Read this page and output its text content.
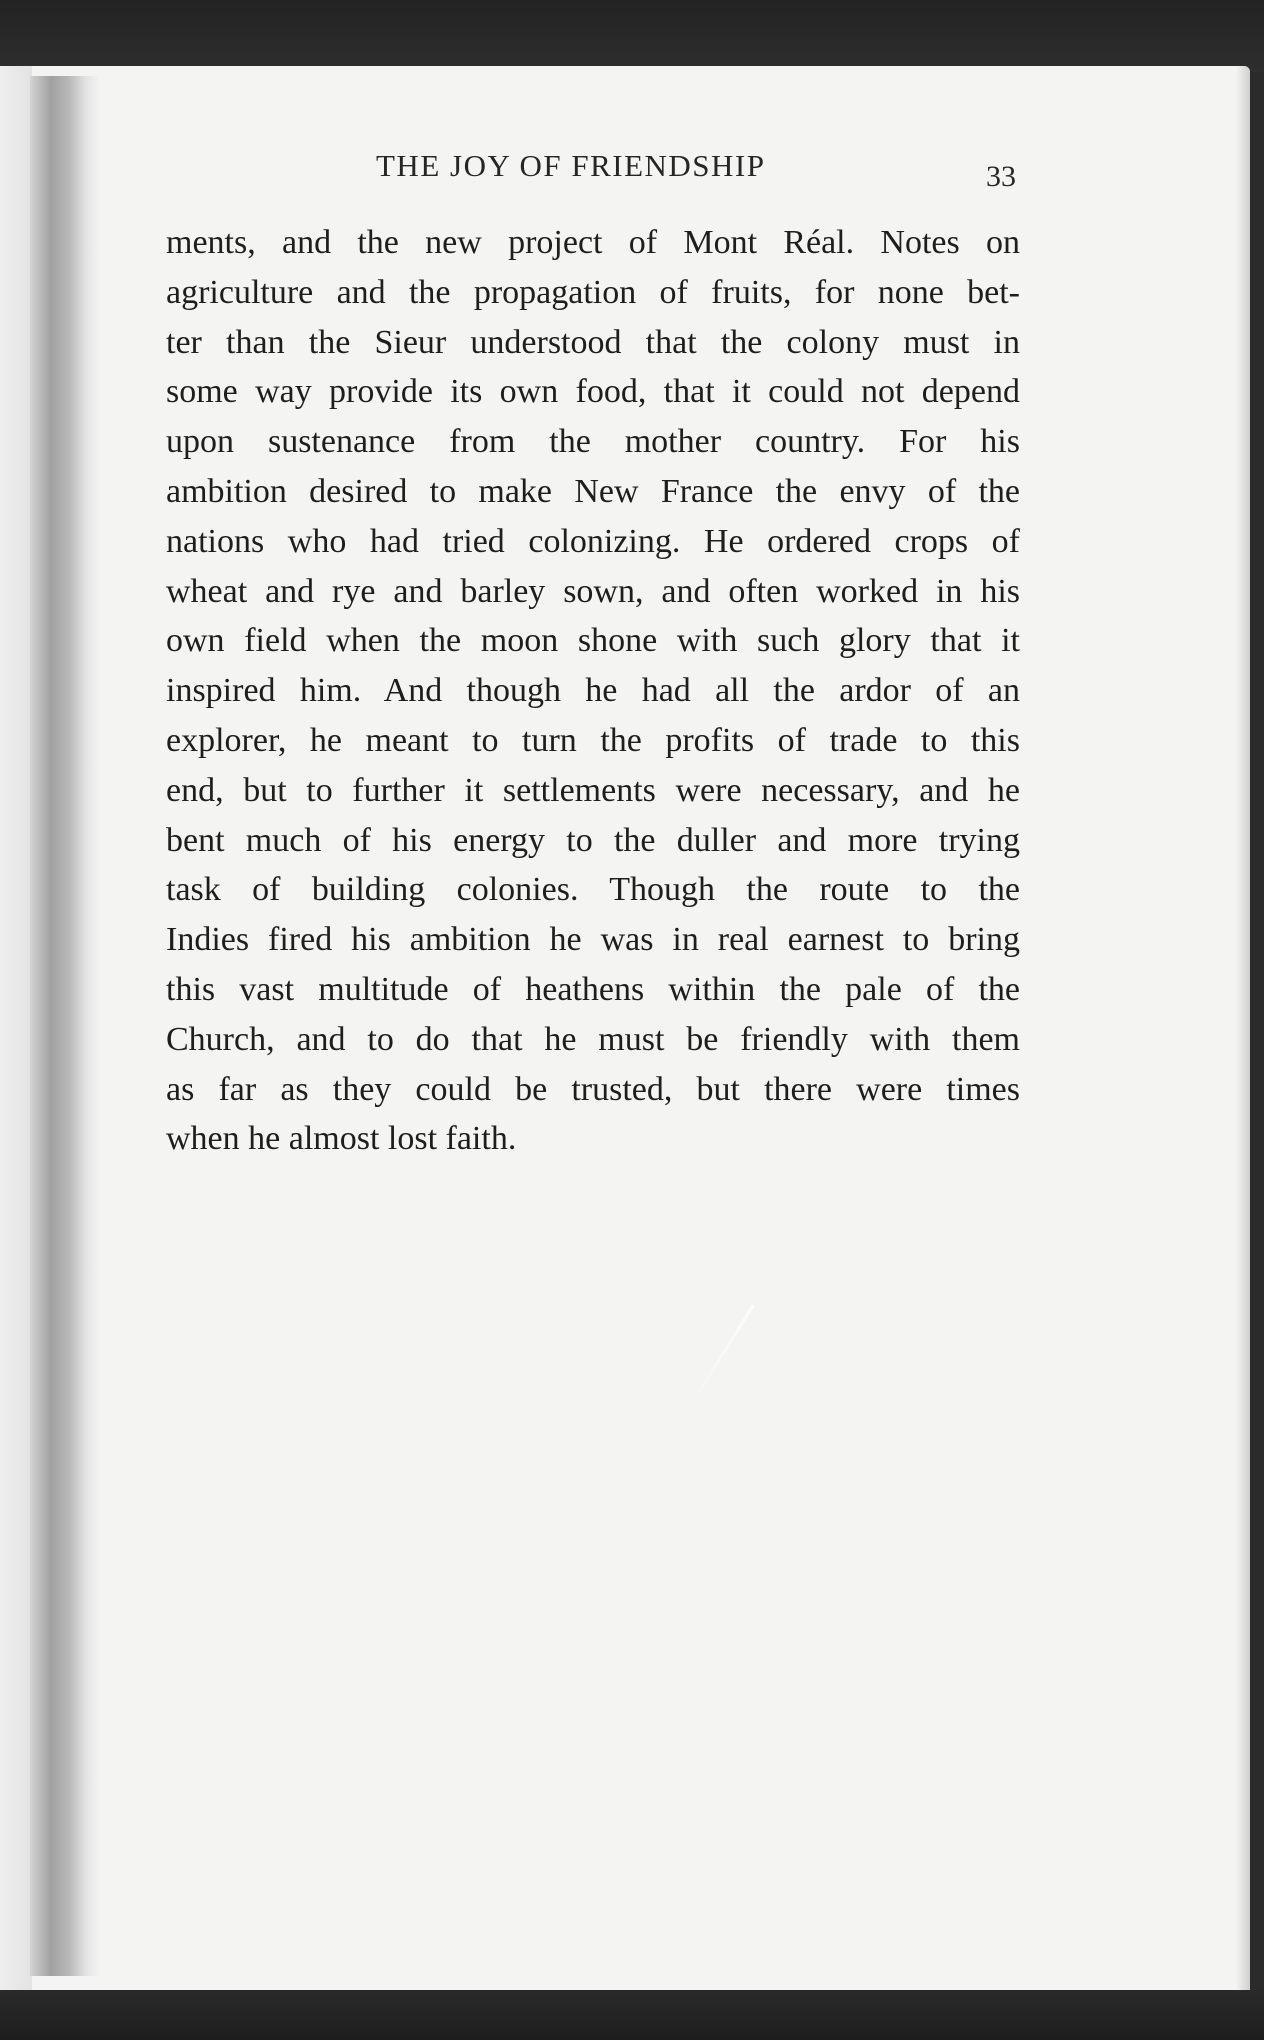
THE JOY OF FRIENDSHIP	33
ments, and the new project of Mont Réal. Notes on
agriculture and the propagation of fruits, for none bet-
ter than the Sieur understood that the colony must in
some way provide its own food, that it could not depend
upon sustenance from the mother country. For his
ambition desired to make New France the envy of the
nations who had tried colonizing. He ordered crops of
wheat and rye and barley sown, and often worked in his
own field when the moon shone with such glory that it
inspired him. And though he had all the ardor of an
explorer, he meant to turn the profits of trade to this
end, but to further it settlements were necessary, and he
bent much of his energy to the duller and more trying
task of building colonies. Though the route to the
Indies fired his ambition he was in real earnest to bring
this vast multitude of heathens within the pale of the
Church, and to do that he must be friendly with them
as far as they could be trusted, but there were times
when he almost lost faith.
